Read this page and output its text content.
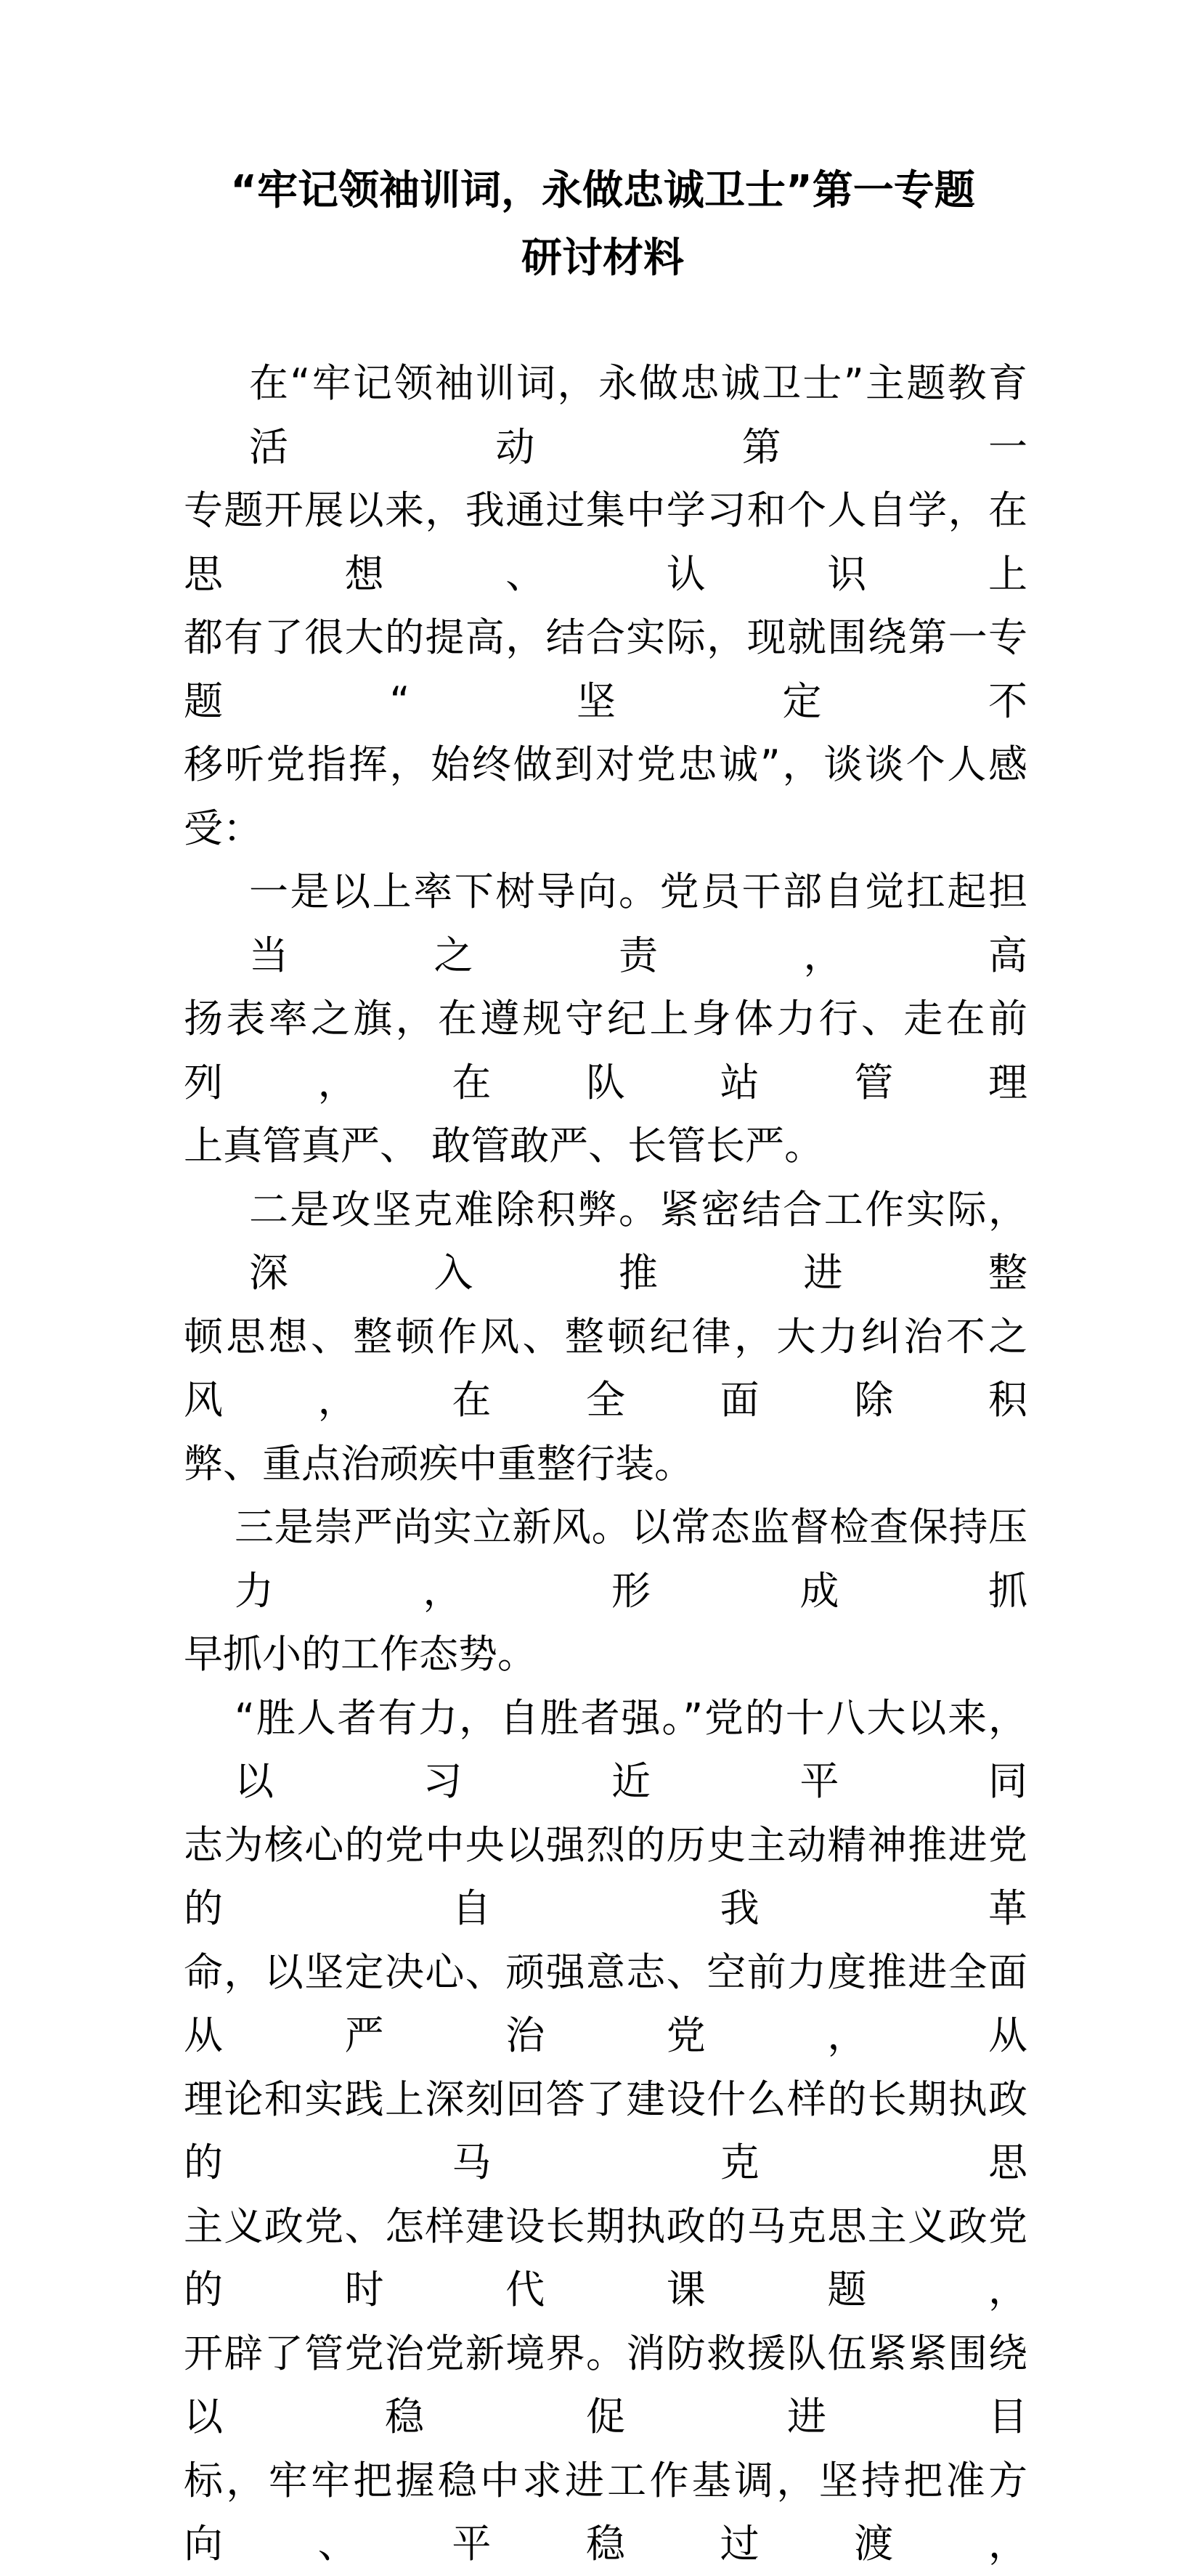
“牢记领袖训词，永做忠诚卫士”第一专题
研讨材料
在“牢记领袖训词，永做忠诚卫士”主题教育活动第一
专题开展以来，我通过集中学习和个人自学，在思想、认识上
都有了很大的提高，结合实际，现就围绕第一专题“坚定不
移听党指挥，始终做到对党忠诚”，谈谈个人感受：
一是以上率下树导向。党员干部自觉扛起担当之责，高
扬表率之旗，在遵规守纪上身体力行、走在前列，在队站管理
上真管真严、 敢管敢严、长管长严。
二是攻坚克难除积弊。紧密结合工作实际，深入推进整
顿思想、整顿作风、整顿纪律，大力纠治不之风，在全面除积
弊、重点治顽疾中重整行装。
三是崇严尚实立新风。以常态监督检查保持压力，形成抓
早抓小的工作态势。
“胜人者有力，自胜者强。”党的十八大以来，以习近平同
志为核心的党中央以强烈的历史主动精神推进党的自我革
命，以坚定决心、顽强意志、空前力度推进全面从严治党，从
理论和实践上深刻回答了建设什么样的长期执政的马克思
主义政党、怎样建设长期执政的马克思主义政党的时代课题，
开辟了管党治党新境界。消防救援队伍紧紧围绕以稳促进目
标，牢牢把握稳中求进工作基调，坚持把准方向、平稳过渡，
